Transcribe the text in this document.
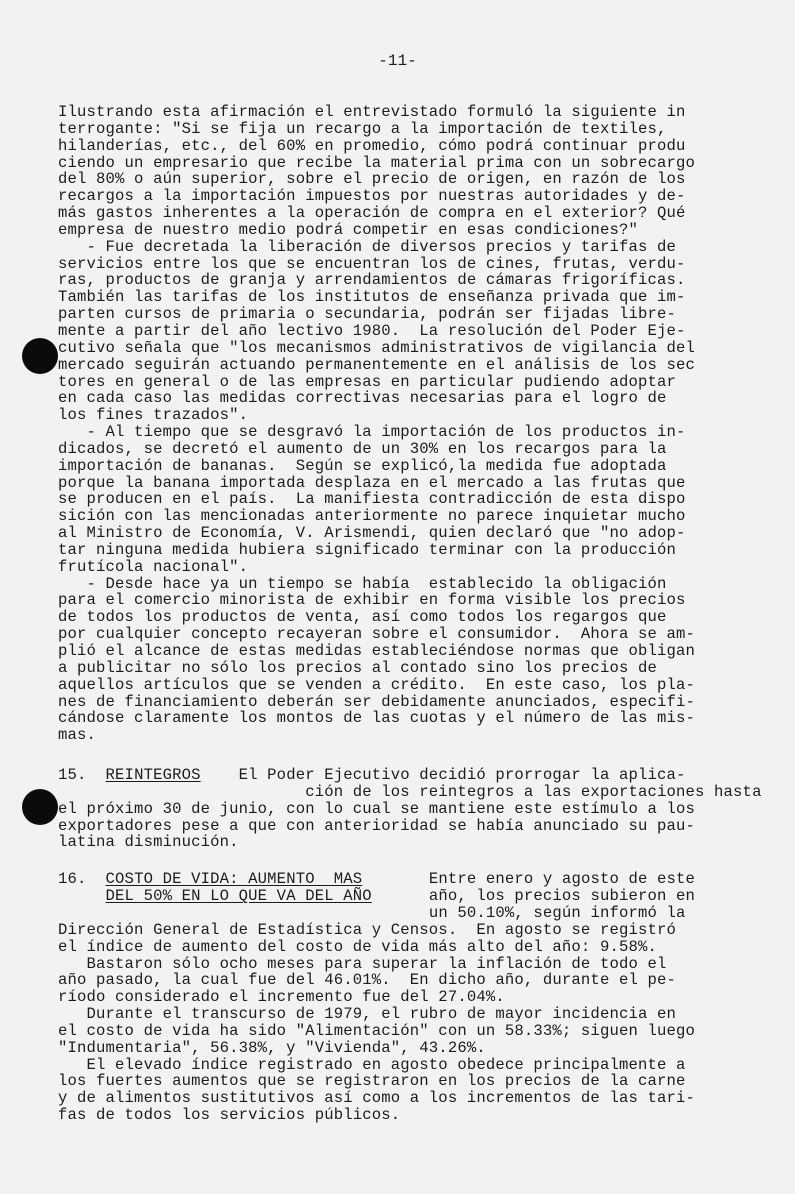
-11-
Ilustrando esta afirmación el entrevistado formuló la siguiente in
terrogante: "Si se fija un recargo a la importación de textiles,
hilanderías, etc., del 60% en promedio, cómo podrá continuar produ
ciendo un empresario que recibe la material prima con un sobrecargo
del 80% o aún superior, sobre el precio de origen, en razón de los
recargos a la importación impuestos por nuestras autoridades y de-
más gastos inherentes a la operación de compra en el exterior? Qué
empresa de nuestro medio podrá competir en esas condiciones?"
- Fue decretada la liberación de diversos precios y tarifas de
servicios entre los que se encuentran los de cines, frutas, verdu-
ras, productos de granja y arrendamientos de cámaras frigoríficas.
También las tarifas de los institutos de enseñanza privada que im-
parten cursos de primaria o secundaria, podrán ser fijadas libre-
mente a partir del año lectivo 1980.  La resolución del Poder Eje-
cutivo señala que "los mecanismos administrativos de vigilancia del
mercado seguirán actuando permanentemente en el análisis de los sec
tores en general o de las empresas en particular pudiendo adoptar
en cada caso las medidas correctivas necesarias para el logro de
los fines trazados".
- Al tiempo que se desgravó la importación de los productos in-
dicados, se decretó el aumento de un 30% en los recargos para la
importación de bananas.  Según se explicó,la medida fue adoptada
porque la banana importada desplaza en el mercado a las frutas que
se producen en el país.  La manifiesta contradicción de esta dispo
sición con las mencionadas anteriormente no parece inquietar mucho
al Ministro de Economía, V. Arismendi, quien declaró que "no adop-
tar ninguna medida hubiera significado terminar con la producción
frutícola nacional".
- Desde hace ya un tiempo se había  establecido la obligación
para el comercio minorista de exhibir en forma visible los precios
de todos los productos de venta, así como todos los regargos que
por cualquier concepto recayeran sobre el consumidor.  Ahora se am-
plió el alcance de estas medidas estableciéndose normas que obligan
a publicitar no sólo los precios al contado sino los precios de
aquellos artículos que se venden a crédito.  En este caso, los pla-
nes de financiamiento deberán ser debidamente anunciados, especifi-
cándose claramente los montos de las cuotas y el número de las mis-
mas.
15. REINTEGROS El Poder Ejecutivo decidió prorrogar la aplica-
ción de los reintegros a las exportaciones hasta
el próximo 30 de junio, con lo cual se mantiene este estímulo a los
exportadores pese a que con anterioridad se había anunciado su pau-
latina disminución.
16. COSTO DE VIDA: AUMENTO  MAS	Entre enero y agosto de este
DEL 50% EN LO QUE VA DEL AÑO	año, los precios subieron en
un 50.10%, según informó la
Dirección General de Estadística y Censos.  En agosto se registró
el índice de aumento del costo de vida más alto del año: 9.58%.
Bastaron sólo ocho meses para superar la inflación de todo el
año pasado, la cual fue del 46.01%.  En dicho año, durante el pe-
ríodo considerado el incremento fue del 27.04%.
Durante el transcurso de 1979, el rubro de mayor incidencia en
el costo de vida ha sido "Alimentación" con un 58.33%; siguen luego
"Indumentaria", 56.38%, y "Vivienda", 43.26%.
El elevado índice registrado en agosto obedece principalmente a
los fuertes aumentos que se registraron en los precios de la carne
y de alimentos sustitutivos así como a los incrementos de las tari-
fas de todos los servicios públicos.
